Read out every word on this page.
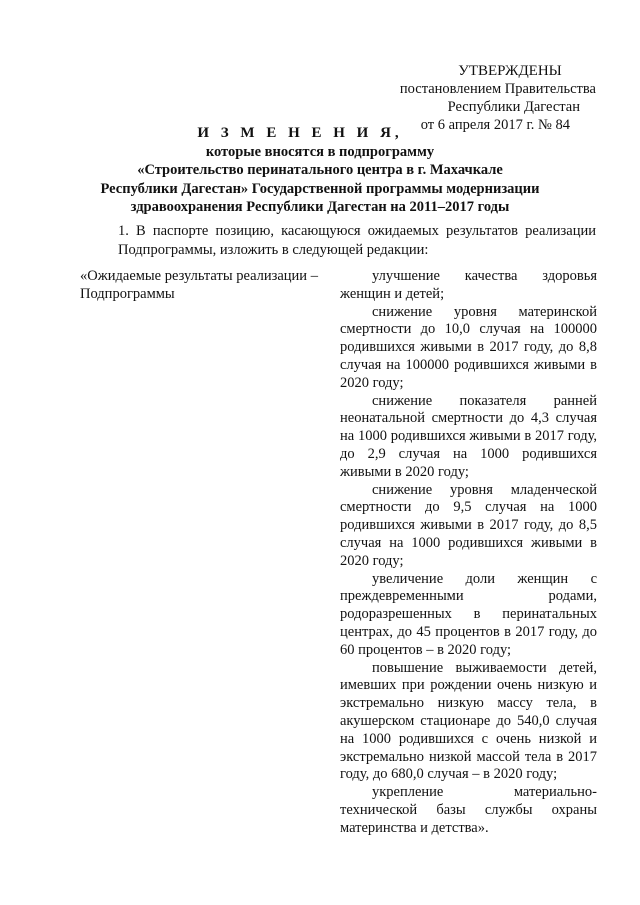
УТВЕРЖДЕНЫ
постановлением Правительства
Республики Дагестан
от 6 апреля 2017 г. № 84
И З М Е Н Е Н И Я,
которые вносятся в подпрограмму
«Строительство перинатального центра в г. Махачкале
Республики Дагестан» Государственной программы модернизации
здравоохранения Республики Дагестан на 2011–2017 годы
1. В паспорте позицию, касающуюся ожидаемых результатов реализации Подпрограммы, изложить в следующей редакции:
«Ожидаемые результаты реализации – Подпрограммы

улучшение качества здоровья женщин и детей;

снижение уровня материнской смертности до 10,0 случая на 100000 родившихся живыми в 2017 году, до 8,8 случая на 100000 родившихся живыми в 2020 году;

снижение показателя ранней неонатальной смертности до 4,3 случая на 1000 родившихся живыми в 2017 году, до 2,9 случая на 1000 родившихся живыми в 2020 году;

снижение уровня младенческой смертности до 9,5 случая на 1000 родившихся живыми в 2017 году, до 8,5 случая на 1000 родившихся живыми в 2020 году;

увеличение доли женщин с преждевременными родами, родоразрешенных в перинатальных центрах, до 45 процентов в 2017 году, до 60 процентов – в 2020 году;

повышение выживаемости детей, имевших при рождении очень низкую и экстремально низкую массу тела, в акушерском стационаре до 540,0 случая на 1000 родившихся с очень низкой и экстремально низкой массой тела в 2017 году, до 680,0 случая – в 2020 году;

укрепление материально-технической базы службы охраны материнства и детства».
